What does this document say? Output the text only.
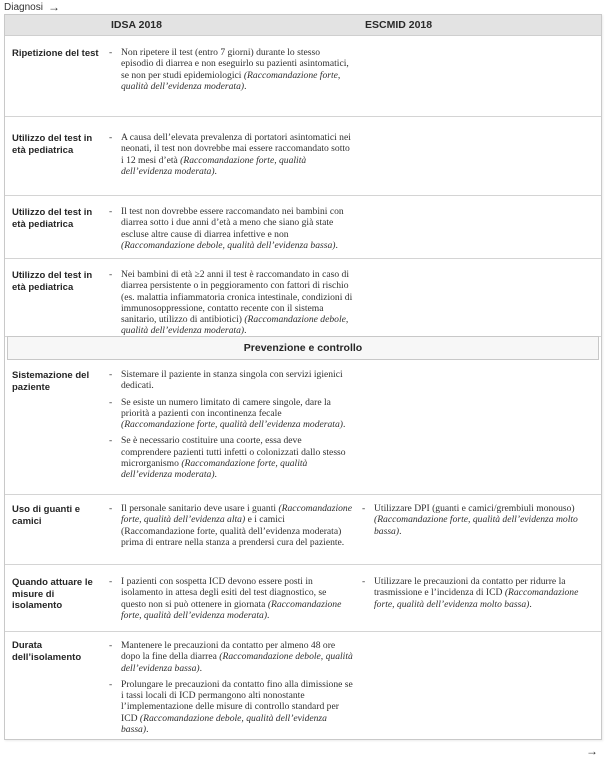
Diagnosi →
IDSA 2018	ESCMID 2018
Ripetizione del test	- Non ripetere il test (entro 7 giorni) durante lo stesso episodio di diarrea e non eseguirlo su pazienti asintomatici, se non per studi epidemiologici (Raccomandazione forte, qualità dell’evidenza moderata).
Utilizzo del test in età pediatrica
- A causa dell’elevata prevalenza di portatori asintomatici nei neonati, il test non dovrebbe mai essere raccomandato sotto i 12 mesi d’età (Raccomandazione forte, qualità dell’evidenza moderata).
Utilizzo del test in età pediatrica
- Il test non dovrebbe essere raccomandato nei bambini con diarrea sotto i due anni d’età a meno che siano già state escluse altre cause di diarrea infettive e non (Raccomandazione debole, qualità dell’evidenza bassa).
Utilizzo del test in età pediatrica
- Nei bambini di età ≥2 anni il test è raccomandato in caso di diarrea persistente o in peggioramento con fattori di rischio (es. malattia infiammatoria cronica intestinale, condizioni di immunosoppressione, contatto recente con il sistema sanitario, utilizzo di antibiotici) (Raccomandazione debole, qualità dell’evidenza moderata).
Prevenzione e controllo
Sistemazione del paziente
- Sistemare il paziente in stanza singola con servizi igienici dedicati.
- Se esiste un numero limitato di camere singole, dare la priorità a pazienti con incontinenza fecale (Raccomandazione forte, qualità dell’evidenza moderata).
- Se è necessario costituire una coorte, essa deve comprendere pazienti tutti infetti o colonizzati dallo stesso microrganismo (Raccomandazione forte, qualità dell’evidenza moderata).
Uso di guanti e camici
- Il personale sanitario deve usare i guanti (Raccomandazione forte, qualità dell’evidenza alta) e i camici (Raccomandazione forte, qualità dell’evidenza moderata) prima di entrare nella stanza a prendersi cura del paziente.
- Utilizzare DPI (guanti e camici/grembiuli monouso) (Raccomandazione forte, qualità dell’evidenza molto bassa).
Quando attuare le misure di isolamento
- I pazienti con sospetta ICD devono essere posti in isolamento in attesa degli esiti del test diagnostico, se questo non si può ottenere in giornata (Raccomandazione forte, qualità dell’evidenza moderata).
- Utilizzare le precauzioni da contatto per ridurre la trasmissione e l’incidenza di ICD (Raccomandazione forte, qualità dell’evidenza molto bassa).
Durata dell’isolamento
- Mantenere le precauzioni da contatto per almeno 48 ore dopo la fine della diarrea (Raccomandazione debole, qualità dell’evidenza bassa).
- Prolungare le precauzioni da contatto fino alla dimissione se i tassi locali di ICD permangono alti nonostante l’implementazione delle misure di controllo standard per ICD (Raccomandazione debole, qualità dell’evidenza bassa).
→
